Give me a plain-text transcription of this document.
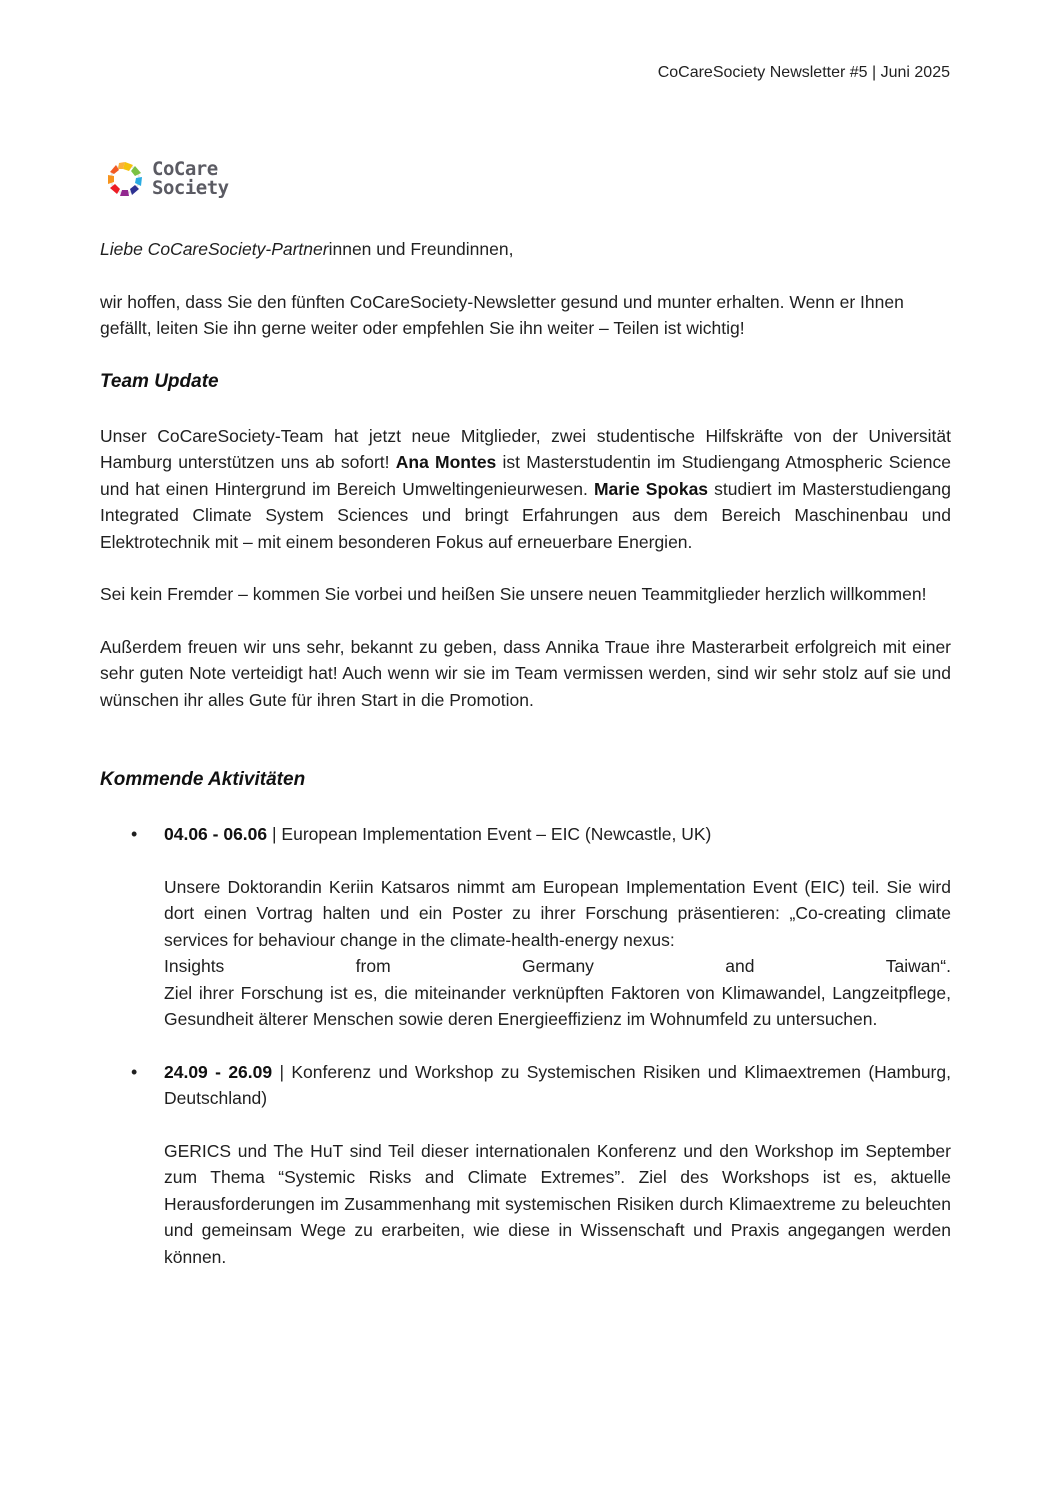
CoCareSociety Newsletter #5 | Juni 2025
CoCare
Society

Liebe CoCareSociety-Partnerinnen und Freundinnen,

wir hoffen, dass Sie den fünften CoCareSociety-Newsletter gesund und munter erhalten. Wenn er Ihnen gefällt, leiten Sie ihn gerne weiter oder empfehlen Sie ihn weiter – Teilen ist wichtig!

Team Update

Unser CoCareSociety-Team hat jetzt neue Mitglieder, zwei studentische Hilfskräfte von der Universität Hamburg unterstützen uns ab sofort! Ana Montes ist Masterstudentin im Studiengang Atmospheric Science und hat einen Hintergrund im Bereich Umweltingenieurwesen. Marie Spokas studiert im Masterstudiengang Integrated Climate System Sciences und bringt Erfahrungen aus dem Bereich Maschinenbau und Elektrotechnik mit – mit einem besonderen Fokus auf erneuerbare Energien.

Sei kein Fremder – kommen Sie vorbei und heißen Sie unsere neuen Teammitglieder herzlich willkommen!

Außerdem freuen wir uns sehr, bekannt zu geben, dass Annika Traue ihre Masterarbeit erfolgreich mit einer sehr guten Note verteidigt hat! Auch wenn wir sie im Team vermissen werden, sind wir sehr stolz auf sie und wünschen ihr alles Gute für ihren Start in die Promotion.

Kommende Aktivitäten
• 04.06 - 06.06 | European Implementation Event – EIC (Newcastle, UK)
Unsere Doktorandin Keriin Katsaros nimmt am European Implementation Event (EIC) teil. Sie wird dort einen Vortrag halten und ein Poster zu ihrer Forschung präsentieren: „Co-creating climate services for behaviour change in the climate-health-energy nexus:
Insights	from	Germany	and	Taiwan“.
Ziel ihrer Forschung ist es, die miteinander verknüpften Faktoren von Klimawandel, Langzeitpflege, Gesundheit älterer Menschen sowie deren Energieeffizienz im Wohnumfeld zu untersuchen.
• 24.09 - 26.09 | Konferenz und Workshop zu Systemischen Risiken und Klimaextremen (Hamburg, Deutschland)
GERICS und The HuT sind Teil dieser internationalen Konferenz und den Workshop im September zum Thema “Systemic Risks and Climate Extremes”. Ziel des Workshops ist es, aktuelle Herausforderungen im Zusammenhang mit systemischen Risiken durch Klimaextreme zu beleuchten und gemeinsam Wege zu erarbeiten, wie diese in Wissenschaft und Praxis angegangen werden können.
